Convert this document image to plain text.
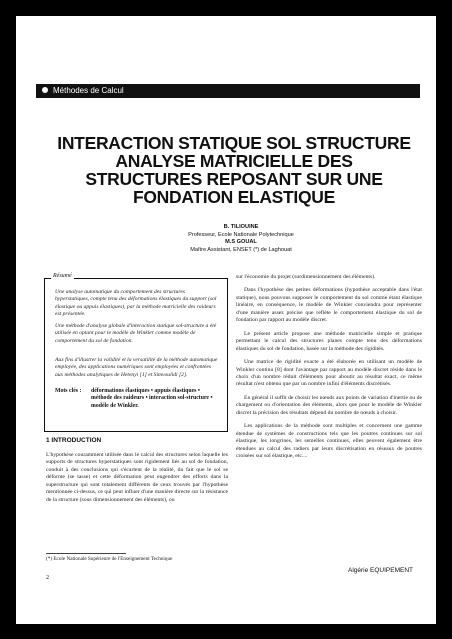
Méthodes de Calcul
INTERACTION STATIQUE SOL STRUCTURE
ANALYSE MATRICIELLE DES
STRUCTURES REPOSANT SUR UNE
FONDATION ELASTIQUE
B. TILIOUINE
Professeur, Ecole Nationale Polytechnique
M.S GOUAL
Maître Assistant, ENSET (*) de Laghouat
Résumé

Une analyse automatique du comportement des structures hyperstatiques, compte tenu des déformations élastiques du support (sol élastique ou appuis élastiques), par la méthode matricielle des raideurs est présentée.

Une méthode d'analyse globale d'interaction statique sol-structure a été utilisée en optant pour le modèle de Winkler comme modèle de comportement du sol de fondation.

Aux fins d'illustrer la validité et la versatilité de la méthode automatique employée, des applications numériques sont employées et confrontées aux méthodes analytiques de Hetenyi [1] et Simvoulidi [2].

Mots clés : déformations élastiques • appuis élastiques • méthode des raideurs • interaction sol-structure • modèle de Winkler.
1 INTRODUCTION
L'hypothèse couramment utilisée dans le calcul des structures selon laquelle les supports de structures hyperstatiques sont rigidement liés au sol de fondation, conduit à des conclusions qui s'écartent de la réalité, du fait que le sol se déforme (se tasse) et cette déformation peut engendrer des efforts dans la superstructure qui sont totalement différents de ceux trouvés par l'hypothèse mentionnée ci-dessus, ce qui peut influer d'une manière directe sur la résistance de la structure (sous dimensionnement des éléments), ou

sur l'économie du projet (surdimensionnement des éléments).

Dans l'hypothèse des petites déformations (hypothèse acceptable dans l'état statique), nous pouvons supposer le comportement du sol comme étant élastique linéaire, en conséquence, le modèle de Winkler conviendra pour représenter d'une manière assez précise que reflète le comportement élastique du sol de fondation par rapport au modèle discret.

Le présent article propose une méthode matricielle simple et pratique permettant le calcul des structures planes compte tenu des déformations élastiques du sol de fondation, basée sur la méthode des rigidités.

Une matrice de rigidité exacte a été élaborée en utilisant un modèle de Winkler continu [8] dont l'avantage par rapport au modèle discret réside dans le choix d'un nombre réduit d'éléments pour aboutir au résultat exact, ce même résultat n'est obtenu que par un nombre infini d'éléments discrétisés.

En général il suffit de choisir les nœuds aux points de variation d'inertie ou de chargement ou d'orientation des éléments, alors que pour le modèle de Winkler discret la précision des résultats dépend du nombre de nœuds à choisir.

Les applications de la méthode sont multiples et concernent une gamme étendue de systèmes de constructions tels que les poutres continues sur sol élastique, les longrines, les semelles continues, elles peuvent également être étendues au calcul des radiers par leurs discrétisation en réseaux de poutres croisées sur sol élastique, etc....

(*) Ecole Nationale Supérieure de l'Enseignement Technique
2
Algérie EQUIPEMENT
